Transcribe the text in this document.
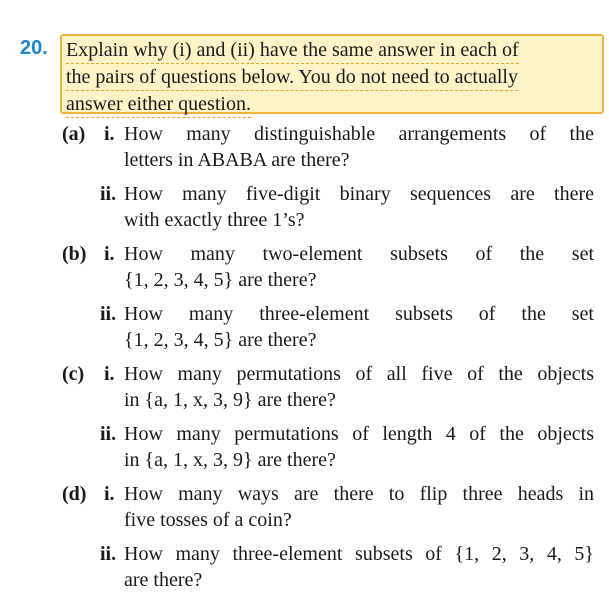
20. Explain why (i) and (ii) have the same answer in each of
the pairs of questions below. You do not need to actually
answer either question.
(a) i. How many distinguishable arrangements of the
letters in ABABA are there?
ii. How many five-digit binary sequences are there
with exactly three 1’s?
(b) i. How many two-element subsets of the set
{1, 2, 3, 4, 5} are there?
ii. How many three-element subsets of the set
{1, 2, 3, 4, 5} are there?
(c) i. How many permutations of all five of the objects
in {a, 1, x, 3, 9} are there?
ii. How many permutations of length 4 of the objects
in {a, 1, x, 3, 9} are there?
(d) i. How many ways are there to flip three heads in
five tosses of a coin?
ii. How many three-element subsets of {1, 2, 3, 4, 5}
are there?
